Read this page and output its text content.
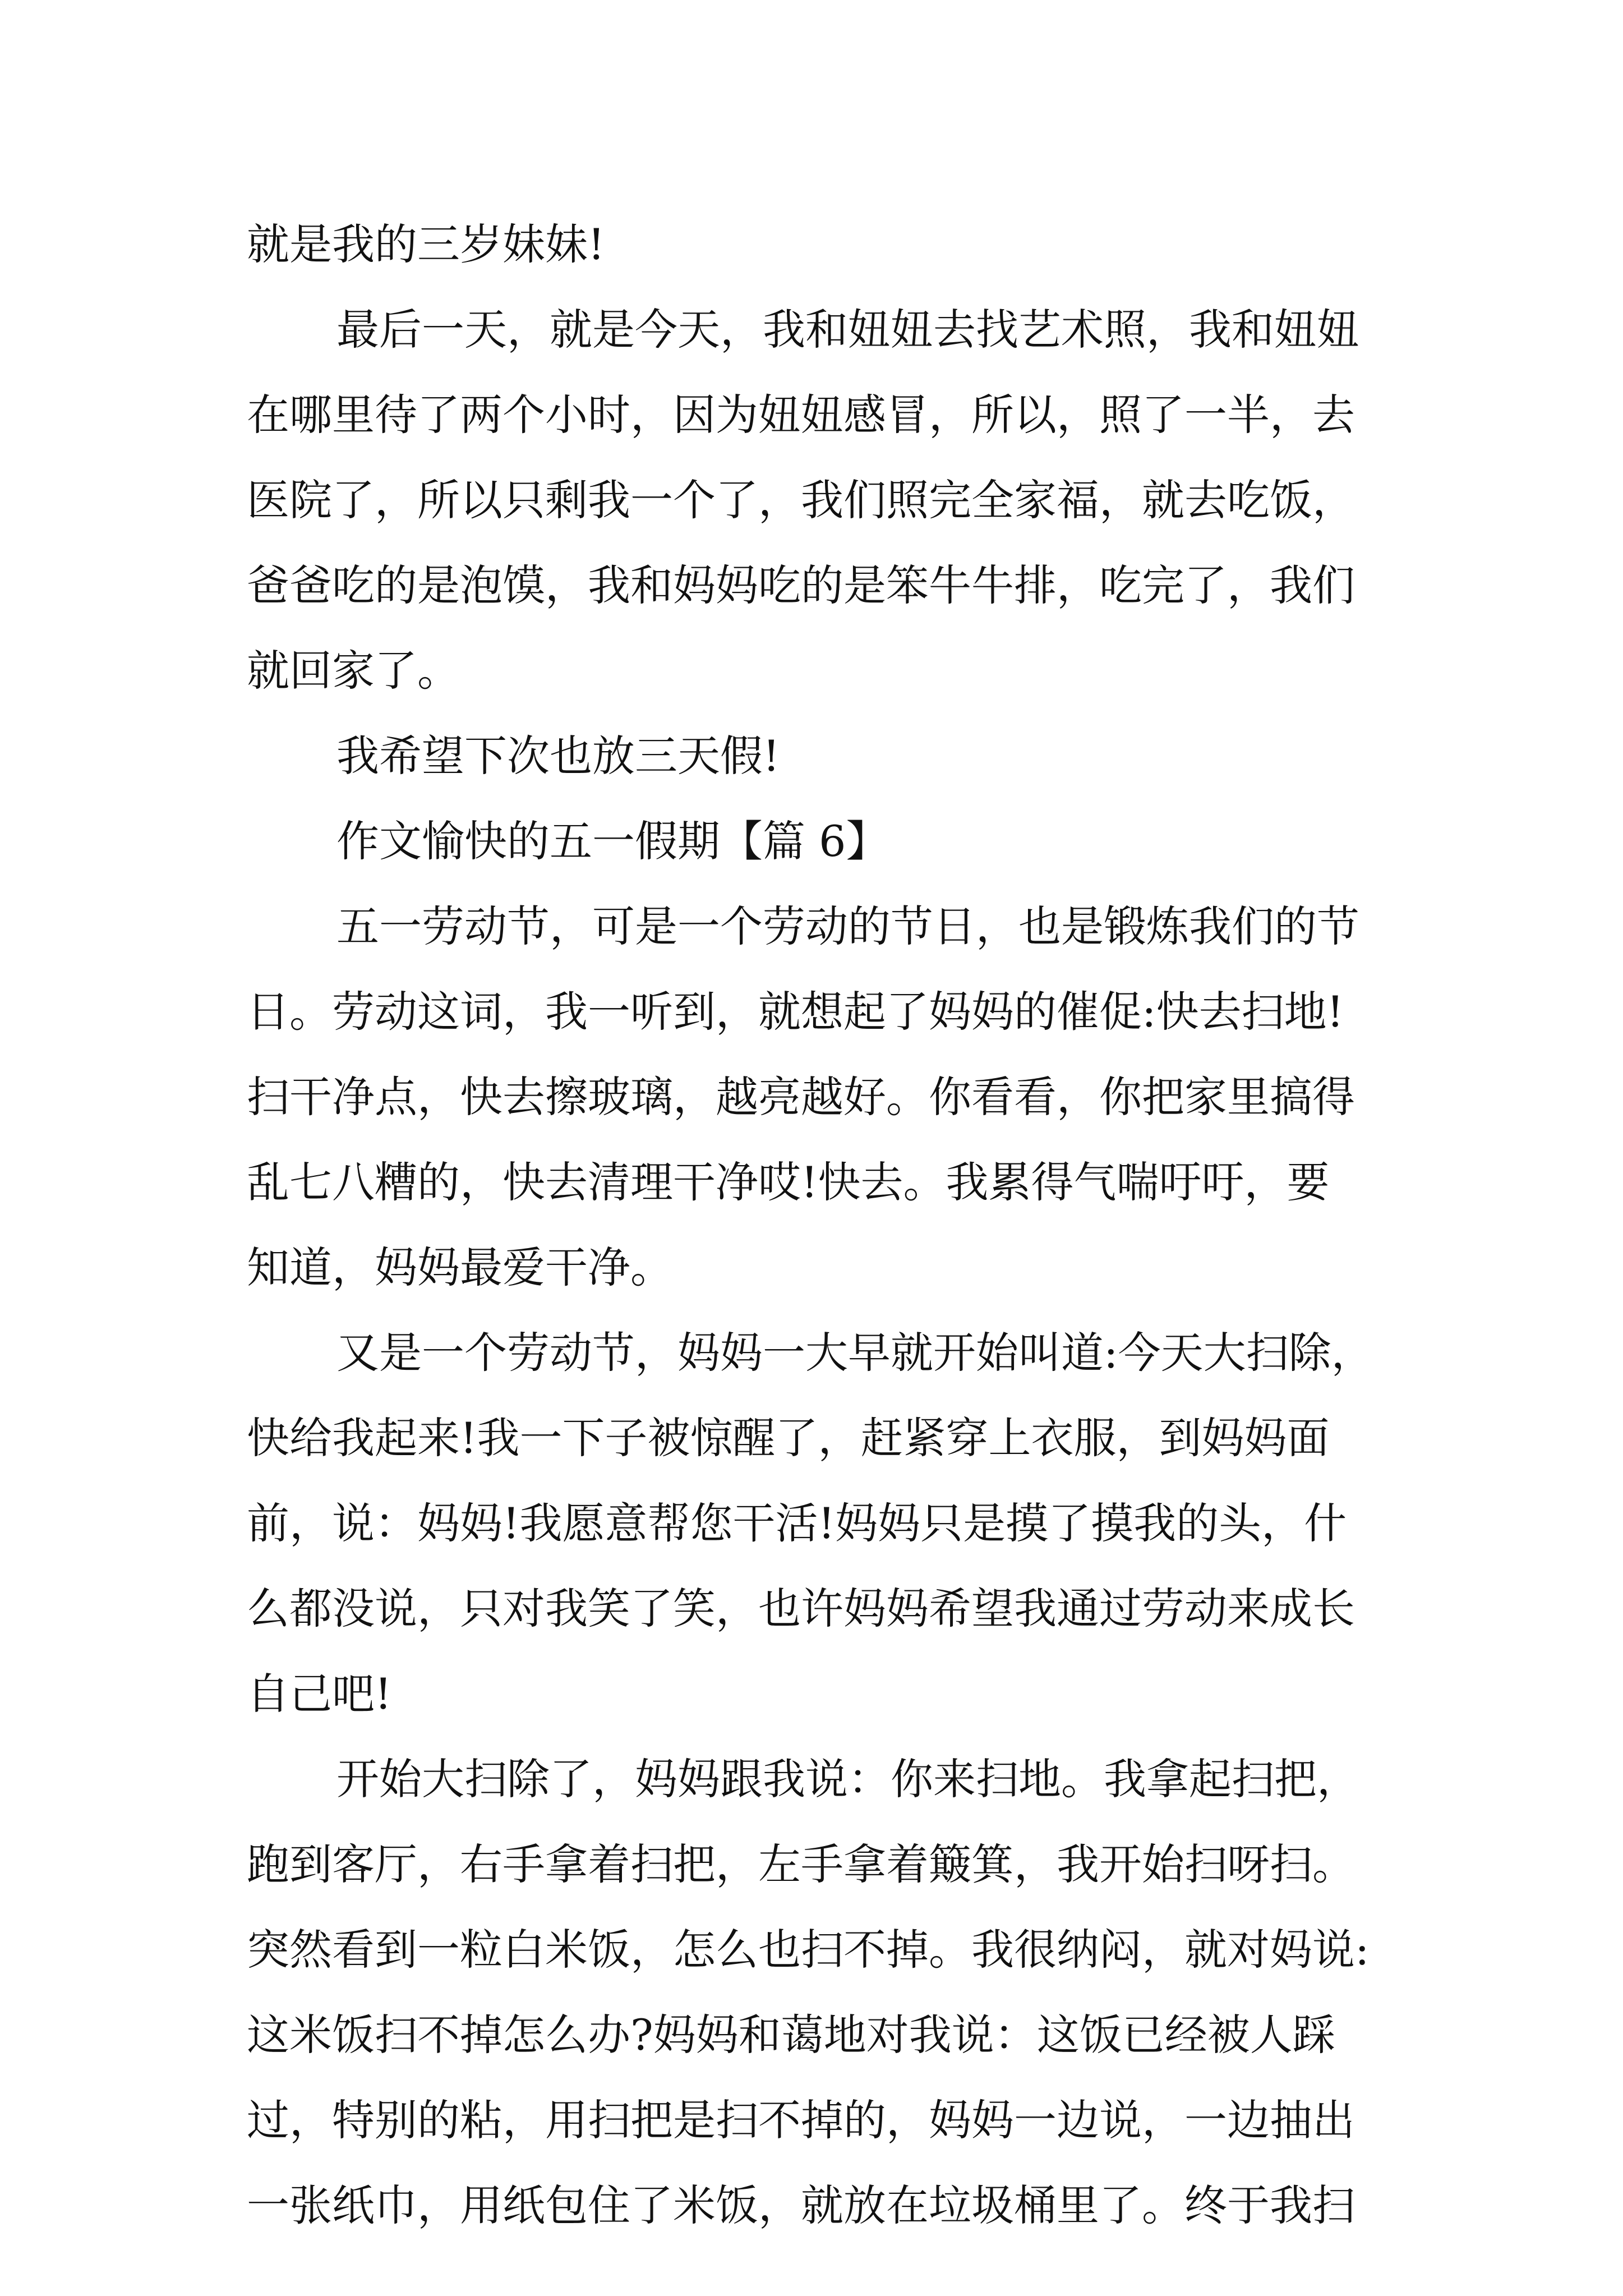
就是我的三岁妹妹!
最后一天，就是今天，我和妞妞去找艺术照，我和妞妞
在哪里待了两个小时，因为妞妞感冒，所以，照了一半，去
医院了，所以只剩我一个了，我们照完全家福，就去吃饭，
爸爸吃的是泡馍，我和妈妈吃的是笨牛牛排，吃完了，我们
就回家了。
我希望下次也放三天假!
作文愉快的五一假期【篇 6】
五一劳动节，可是一个劳动的节日，也是锻炼我们的节
日。劳动这词，我一听到，就想起了妈妈的催促:快去扫地!
扫干净点，快去擦玻璃，越亮越好。你看看，你把家里搞得
乱七八糟的，快去清理干净哎!快去。我累得气喘吁吁，要
知道，妈妈最爱干净。
又是一个劳动节，妈妈一大早就开始叫道:今天大扫除，
快给我起来!我一下子被惊醒了，赶紧穿上衣服，到妈妈面
前，说：妈妈!我愿意帮您干活!妈妈只是摸了摸我的头，什
么都没说，只对我笑了笑，也许妈妈希望我通过劳动来成长
自己吧!
开始大扫除了，妈妈跟我说：你来扫地。我拿起扫把，
跑到客厅，右手拿着扫把，左手拿着簸箕，我开始扫呀扫。
突然看到一粒白米饭，怎么也扫不掉。我很纳闷，就对妈说:
这米饭扫不掉怎么办?妈妈和蔼地对我说：这饭已经被人踩
过，特别的粘，用扫把是扫不掉的，妈妈一边说，一边抽出
一张纸巾，用纸包住了米饭，就放在垃圾桶里了。终于我扫
